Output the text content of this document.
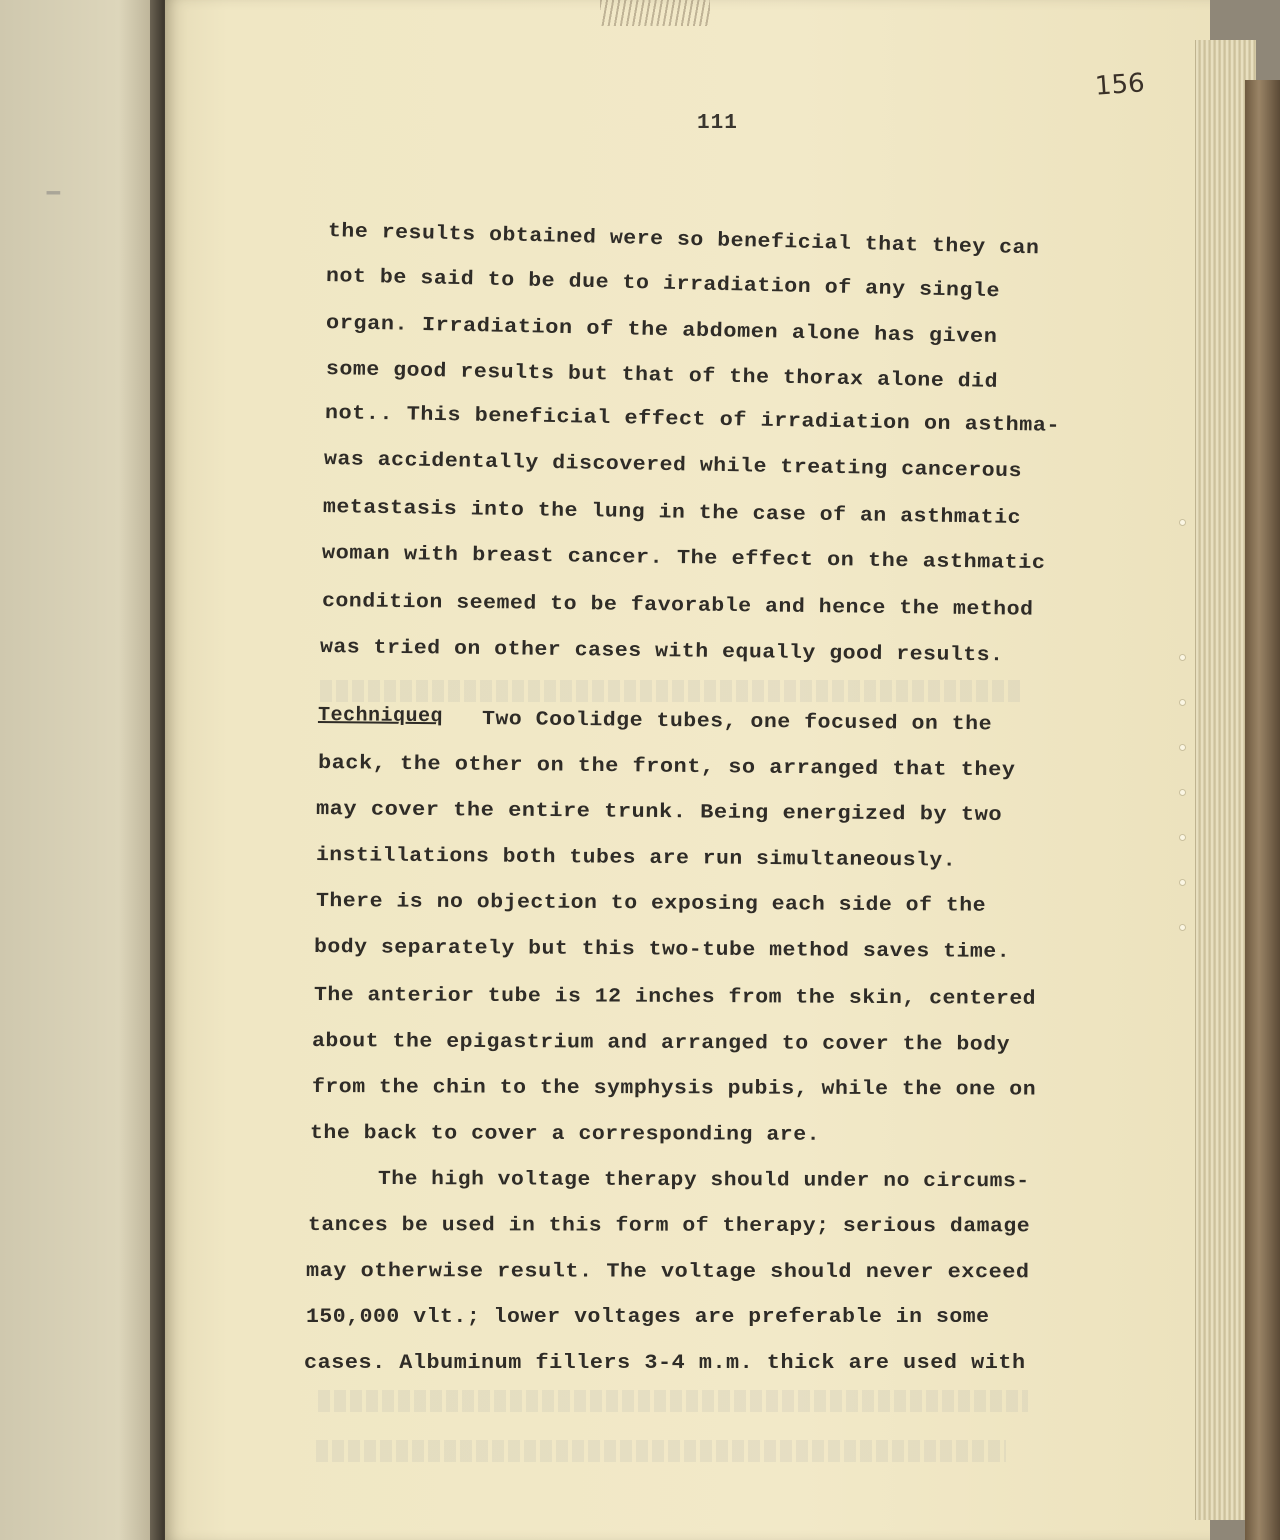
▁
156
111
the results obtained were so beneficial that they can
not be said to be due to irradiation of any single
organ. Irradiation of the abdomen alone has given
some good results but that of the thorax alone did
not.. This beneficial effect of irradiation on asthma-
was accidentally discovered while treating cancerous
metastasis into the lung in the case of an asthmatic
woman with breast cancer. The effect on the asthmatic
condition seemed to be favorable and hence the method
was tried on other cases with equally good results.
Techniqueq Two Coolidge tubes, one focused on the
back, the other on the front, so arranged that they
may cover the entire trunk. Being energized by two
instillations both tubes are run simultaneously.
There is no objection to exposing each side of the
body separately but this two-tube method saves time.
The anterior tube is 12 inches from the skin, centered
about the epigastrium and arranged to cover the body
from the chin to the symphysis pubis, while the one on
the back to cover a corresponding are.
The high voltage therapy should under no circums-
tances be used in this form of therapy; serious damage
may otherwise result. The voltage should never exceed
150,000 vlt.; lower voltages are preferable in some
cases. Albuminum fillers 3-4 m.m. thick are used with
